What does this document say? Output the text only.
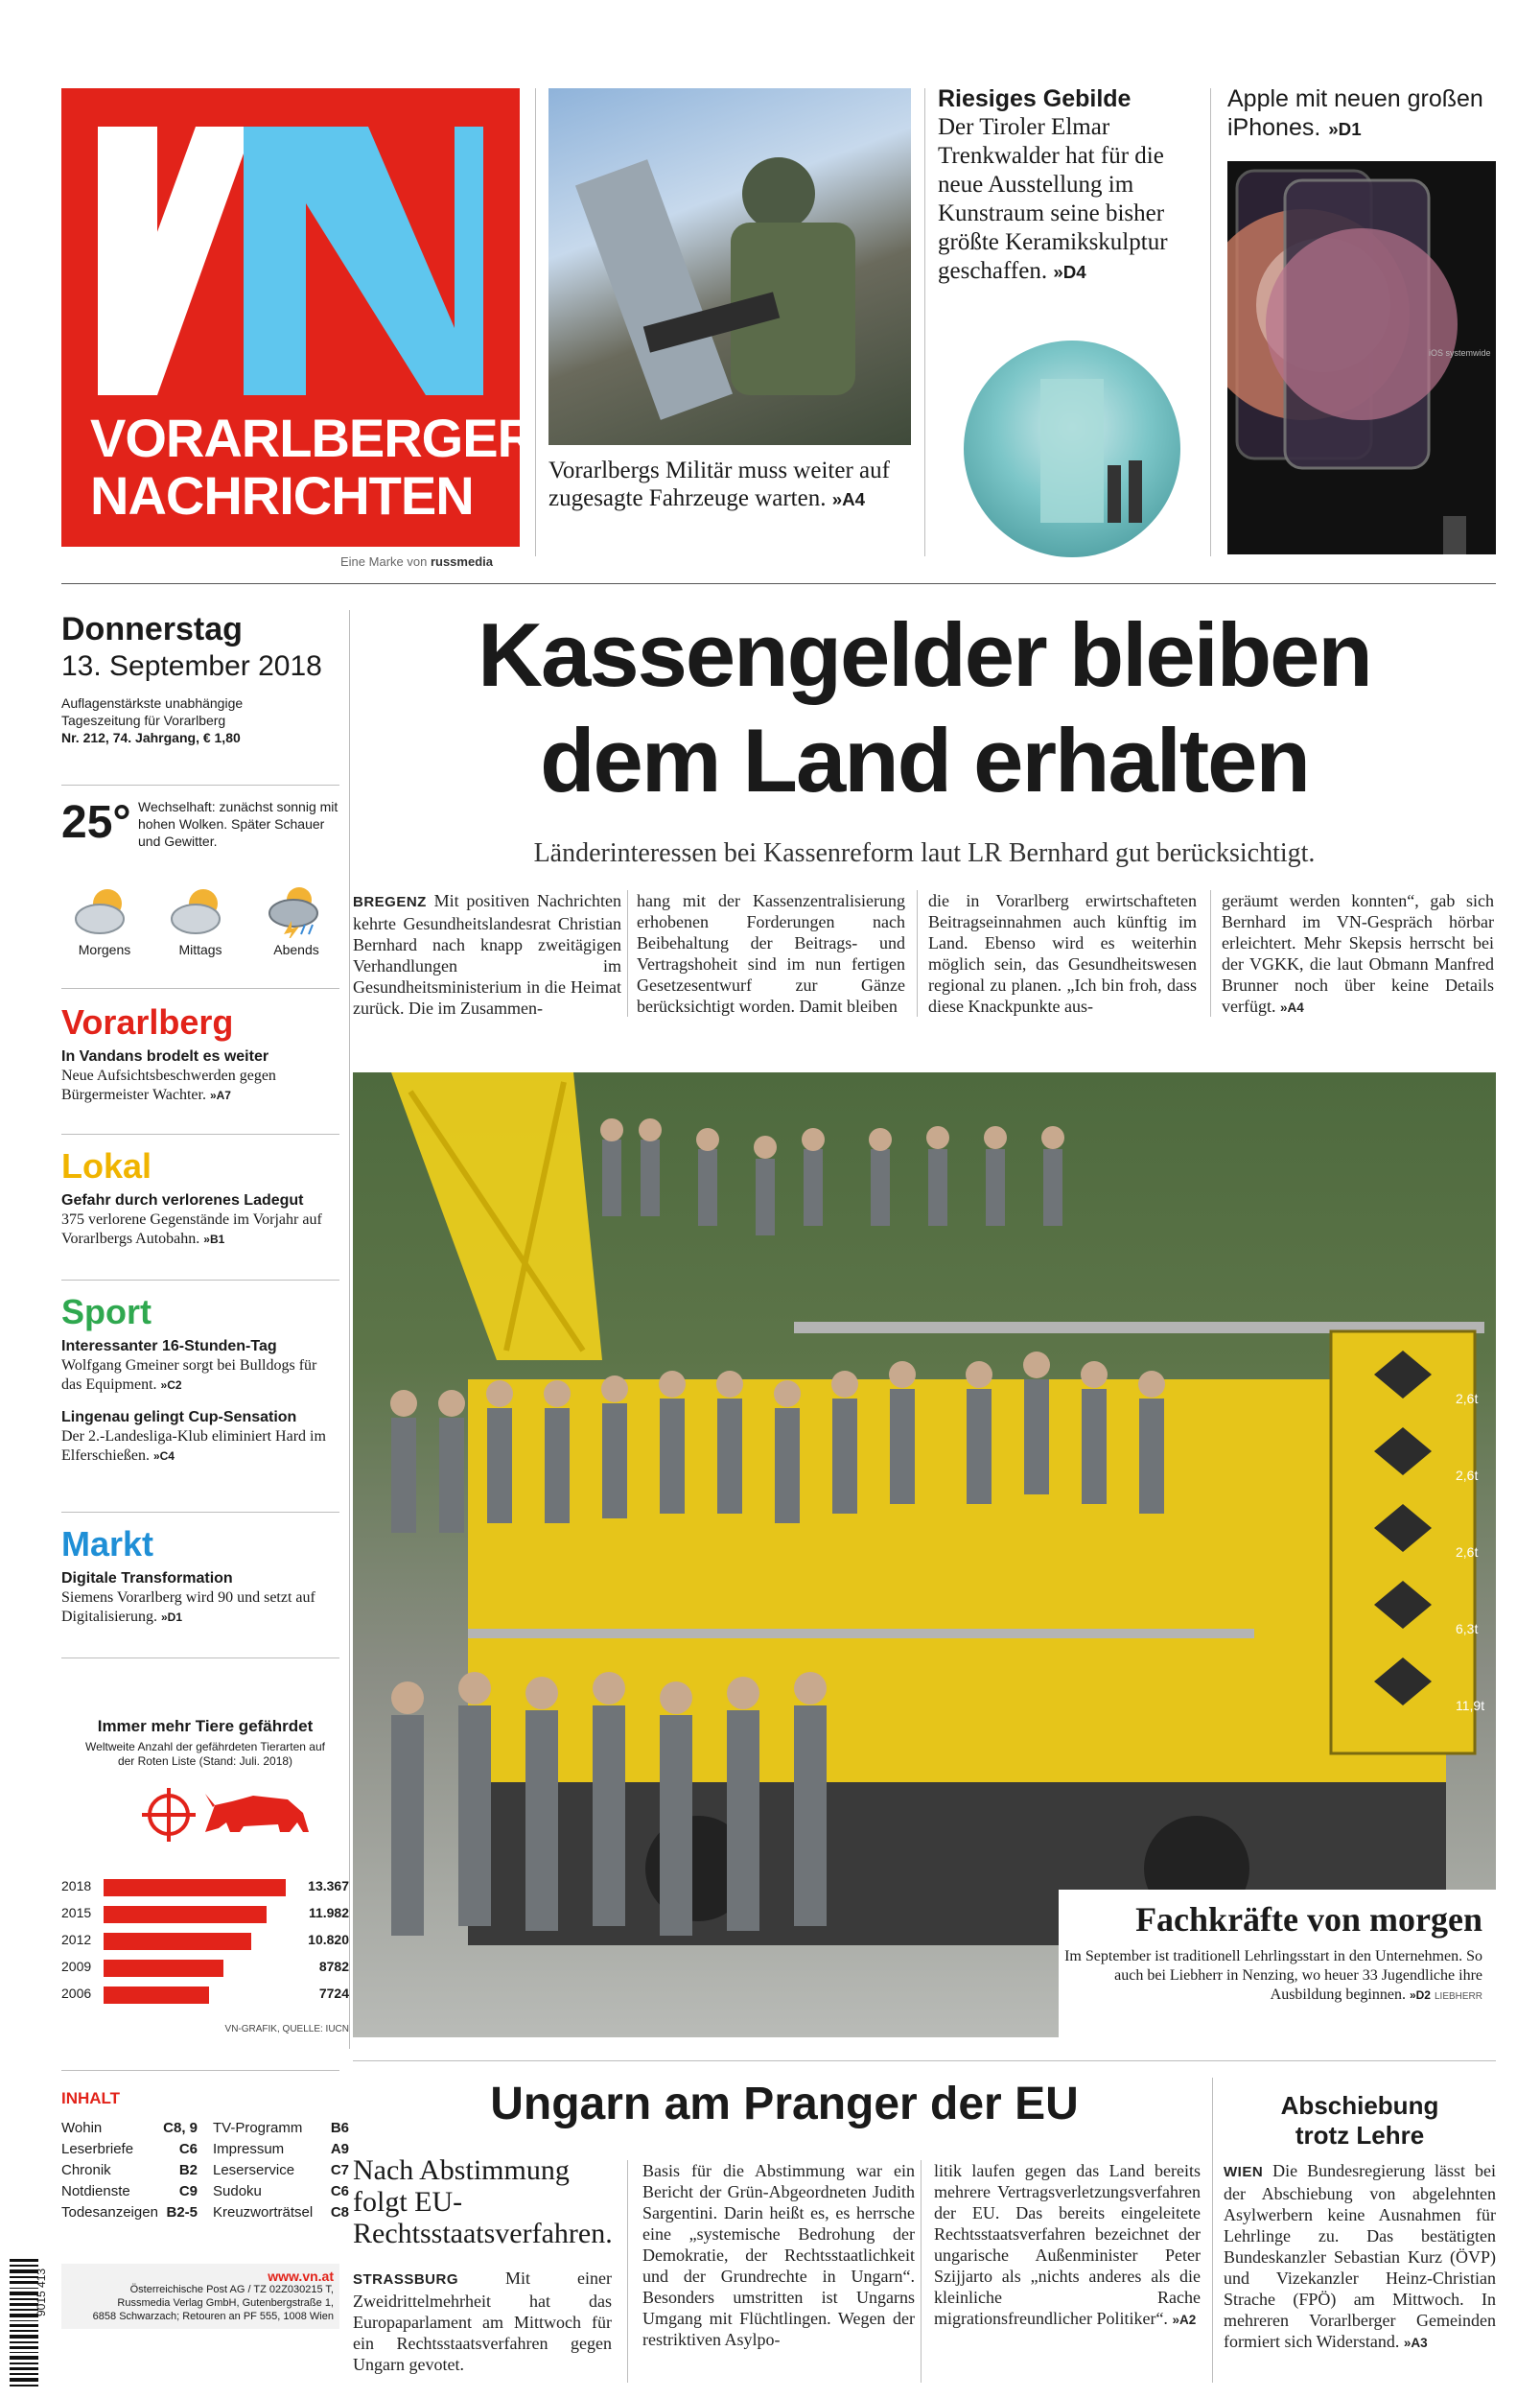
VORARLBERGER
NACHRICHTEN
Eine Marke von russmedia
Vorarlbergs Militär muss weiter auf zugesagte Fahrzeuge warten. »A4
Riesiges Gebilde
Der Tiroler Elmar Trenkwalder hat für die neue Ausstellung im Kunstraum seine bisher größte Keramikskulptur geschaffen. »D4
Apple mit neuen großen iPhones. »D1
iOS systemwide
Donnerstag
13. September 2018
Auflagenstärkste unabhängige
Tageszeitung für Vorarlberg
Nr. 212, 74. Jahrgang, € 1,80
25° Wechselhaft: zunächst sonnig mit hohen Wolken. Später Schauer und Gewitter.
Morgens	Mittags	Abends
Vorarlberg
In Vandans brodelt es weiter
Neue Aufsichtsbeschwerden gegen Bürgermeister Wachter. »A7
Lokal
Gefahr durch verlorenes Ladegut
375 verlorene Gegenstände im Vorjahr auf Vorarlbergs Autobahn. »B1
Sport
Interessanter 16-Stunden-Tag
Wolfgang Gmeiner sorgt bei Bulldogs für das Equipment. »C2
Lingenau gelingt Cup-Sensation
Der 2.-Landesliga-Klub eliminiert Hard im Elferschießen. »C4
Markt
Digitale Transformation
Siemens Vorarlberg wird 90 und setzt auf Digitalisierung. »D1
Immer mehr Tiere gefährdet
Weltweite Anzahl der gefährdeten Tierarten auf der Roten Liste (Stand: Juli. 2018)
2018	13.367
2015	11.982
2012	10.820
2009	8782
2006	7724
VN-GRAFIK, QUELLE: IUCN
INHALT
Wohin	C8, 9
Leserbriefe	C6
Chronik	B2
Notdienste	C9
Todesanzeigen B2-5
TV-Programm B6
Impressum	A9
Leserservice	C7
Sudoku	C6
Kreuzworträtsel C8
9015 413	www.vn.at
Österreichische Post AG / TZ 02Z030215 T,
Russmedia Verlag GmbH, Gutenbergstraße 1,
6858 Schwarzach; Retouren an PF 555, 1008 Wien
Kassengelder bleiben
dem Land erhalten
Länderinteressen bei Kassenreform laut LR Bernhard gut berücksichtigt.
BREGENZ Mit positiven Nachrichten kehrte Gesundheitslandesrat Christian Bernhard nach knapp zweitägigen Verhandlungen im Gesundheitsministerium in die Heimat zurück. Die im Zusammen-
hang mit der Kassenzentralisierung erhobenen Forderungen nach Beibehaltung der Beitrags- und Vertragshoheit sind im nun fertigen Gesetzesentwurf zur Gänze berücksichtigt worden. Damit bleiben
die in Vorarlberg erwirtschafteten Beitragseinnahmen auch künftig im Land. Ebenso wird es weiterhin möglich sein, das Gesundheitswesen regional zu planen. „Ich bin froh, dass diese Knackpunkte aus-
geräumt werden konnten“, gab sich Bernhard im VN-Gespräch hörbar erleichtert. Mehr Skepsis herrscht bei der VGKK, die laut Obmann Manfred Brunner noch über keine Details verfügt. »A4
2,6t
2,6t
2,6t
6,3t
11,9t
Fachkräfte von morgen
Im September ist traditionell Lehrlingsstart in den Unternehmen. So auch bei Liebherr in Nenzing, wo heuer 33 Jugendliche ihre Ausbildung beginnen. »D2 LIEBHERR
Ungarn am Pranger der EU
Nach Abstimmung folgt EU-Rechtsstaatsverfahren.
STRASSBURG	Mit einer Zweidrittelmehrheit hat das Europaparlament am Mittwoch für ein Rechtsstaatsverfahren gegen Ungarn gevotet.
Basis für die Abstimmung war ein Bericht der Grün-Abgeordneten Judith Sargentini. Darin heißt es, es herrsche eine „systemische Bedrohung der Demokratie, der Rechtsstaatlichkeit und der Grundrechte in Ungarn“. Besonders umstritten ist Ungarns Umgang mit Flüchtlingen. Wegen der restriktiven Asylpo-
litik laufen gegen das Land bereits mehrere Vertragsverletzungsverfahren der EU. Das bereits eingeleitete Rechtsstaatsverfahren bezeichnet der ungarische Außenminister Peter Szijjarto als „nichts anderes als die kleinliche Rache migrationsfreundlicher Politiker“. »A2
Abschiebung
trotz Lehre
WIEN Die Bundesregierung lässt bei der Abschiebung von abgelehnten Asylwerbern keine Ausnahmen für Lehrlinge zu. Das bestätigten Bundeskanzler Sebastian Kurz (ÖVP) und Vizekanzler Heinz-Christian Strache (FPÖ) am Mittwoch. In mehreren Vorarlberger Gemeinden formiert sich Widerstand. »A3
